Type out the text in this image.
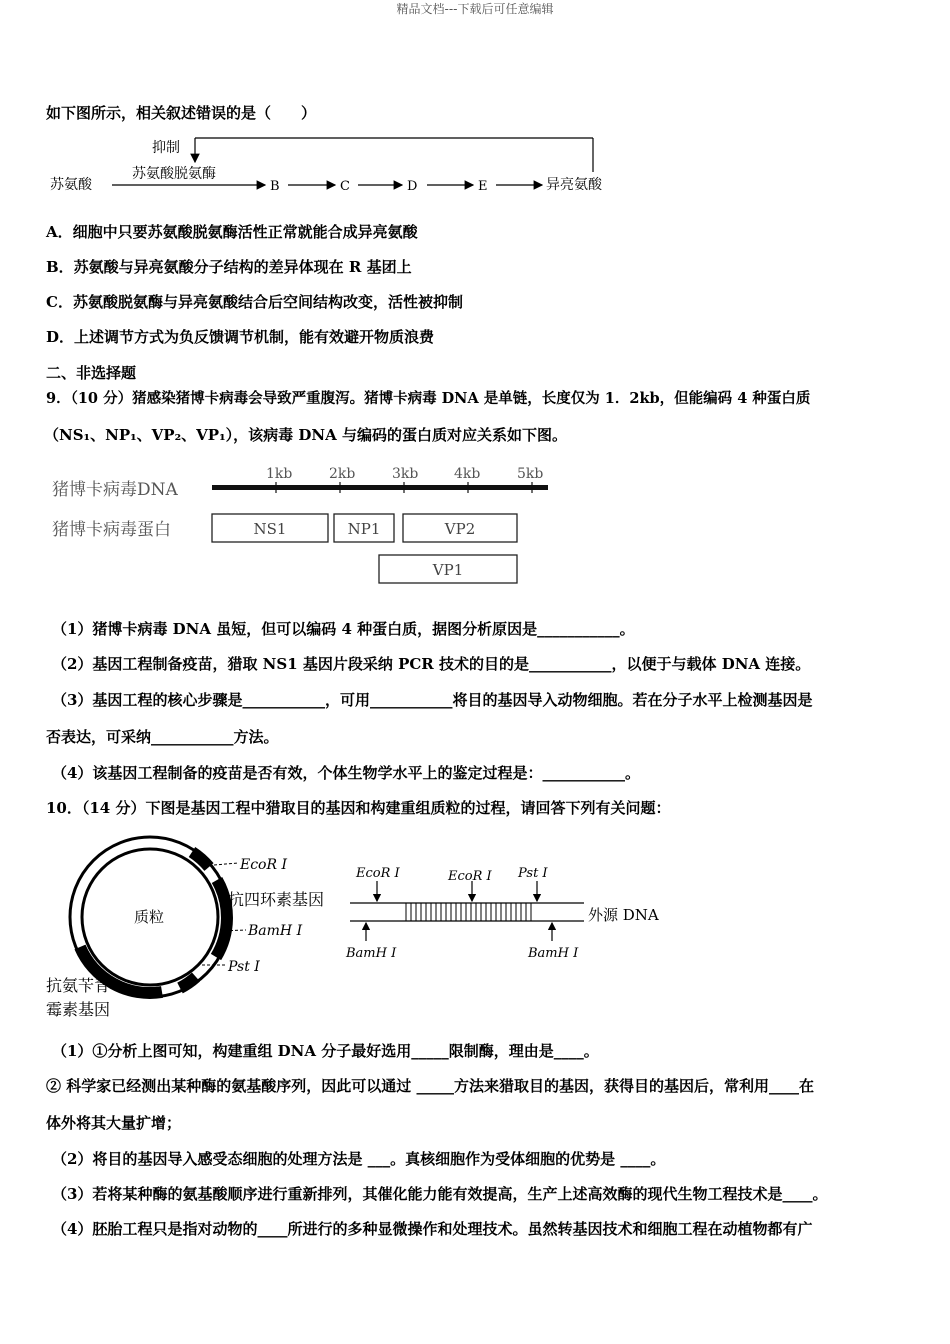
精品文档---下载后可任意编辑
如下图所示，相关叙述错误的是（　　）
抑制
苏氨酸
苏氨酸脱氨酶
B	C	D	E	异亮氨酸
A．细胞中只要苏氨酸脱氨酶活性正常就能合成异亮氨酸
B．苏氨酸与异亮氨酸分子结构的差异体现在 R 基团上
C．苏氨酸脱氨酶与异亮氨酸结合后空间结构改变，活性被抑制
D．上述调节方式为负反馈调节机制，能有效避开物质浪费
二、非选择题
9．（10 分）猪感染猪博卡病毒会导致严重腹泻。猪博卡病毒 DNA 是单链，长度仅为 1．2kb，但能编码 4 种蛋白质
（NS₁、NP₁、VP₂、VP₁），该病毒 DNA 与编码的蛋白质对应关系如下图。
猪博卡病毒DNA
1kb	2kb	3kb	4kb	5kb
猪博卡病毒蛋白	NS1	NP1	VP2
VP1
（1）猪博卡病毒 DNA 虽短，但可以编码 4 种蛋白质，据图分析原因是___________。
（2）基因工程制备疫苗，猎取 NS1 基因片段采纳 PCR 技术的目的是___________，以便于与载体 DNA 连接。
（3）基因工程的核心步骤是___________，可用___________将目的基因导入动物细胞。若在分子水平上检测基因是
否表达，可采纳___________方法。
（4）该基因工程制备的疫苗是否有效，个体生物学水平上的鉴定过程是：___________。
10．（14 分）下图是基因工程中猎取目的基因和构建重组质粒的过程，请回答下列有关问题：
质粒
EcoR Ⅰ
抗四环素基因
BamH Ⅰ
Pst Ⅰ
抗氨苄青
霉素基因
EcoR Ⅰ	EcoR Ⅰ Pst Ⅰ
BamH Ⅰ	BamH Ⅰ
外源 DNA
（1）①分析上图可知，构建重组 DNA 分子最好选用_____限制酶，理由是____。
② 科学家已经测出某种酶的氨基酸序列，因此可以通过 _____方法来猎取目的基因，获得目的基因后，常利用____在
体外将其大量扩增；
（2）将目的基因导入感受态细胞的处理方法是 ___。真核细胞作为受体细胞的优势是 ____。
（3）若将某种酶的氨基酸顺序进行重新排列，其催化能力能有效提高，生产上述高效酶的现代生物工程技术是____。
（4）胚胎工程只是指对动物的____所进行的多种显微操作和处理技术。虽然转基因技术和细胞工程在动植物都有广
